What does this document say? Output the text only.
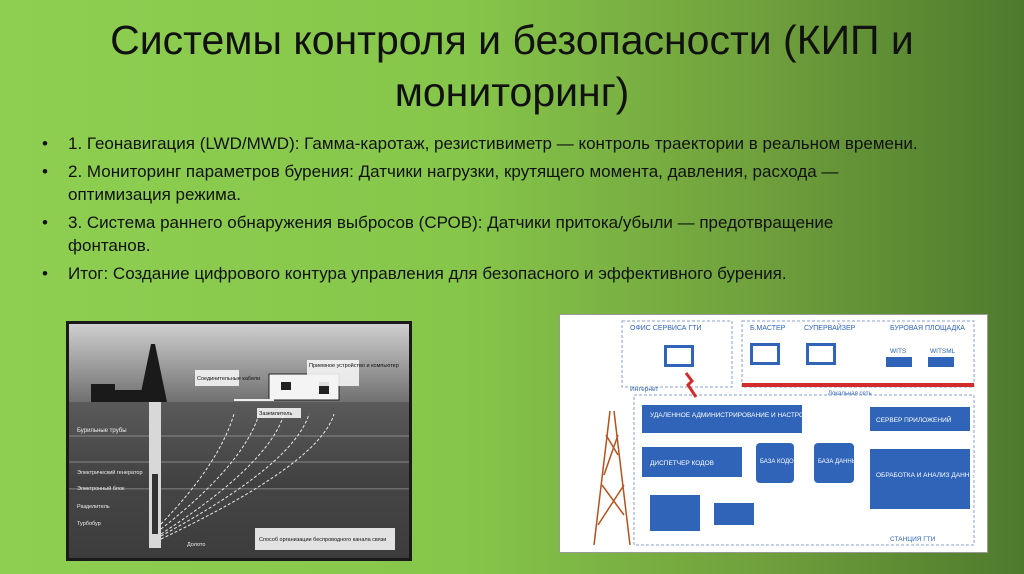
Системы контроля и безопасности (КИП и мониторинг)
• 1. Геонавигация (LWD/MWD): Гамма-каротаж, резистивиметр — контроль траектории в реальном времени.
• 2. Мониторинг параметров бурения: Датчики нагрузки, крутящего момента, давления, расхода — оптимизация режима.
• 3. Система раннего обнаружения выбросов (СРОВ): Датчики притока/убыли — предотвращение фонтанов.
• Итог: Создание цифрового контура управления для безопасного и эффективного бурения.
Приемное устройство и компьютер
Соединительные кабели
Заземлитель
Бурильные трубы
Электрический генератор
Электронный блок
Разделитель
Турбобур
Долото
Способ организации беспроводного канала связи
ОФИС СЕРВИСА ГТИ	Б.МАСТЕР	СУПЕРВАЙЗЕР	БУРОВАЯ ПЛОЩАДКА
WITS	WITSML
Интернет
Локальная сеть
УДАЛЕННОЕ АДМИНИСТРИРОВАНИЕ И НАСТРОЙКА
СЕРВЕР ПРИЛОЖЕНИЙ
ДИСПЕТЧЕР КОДОВ	БАЗА КОДОВ	БАЗА ДАННЫХ
ОБРАБОТКА И АНАЛИЗ ДАННЫХ
СТАНЦИЯ ГТИ
